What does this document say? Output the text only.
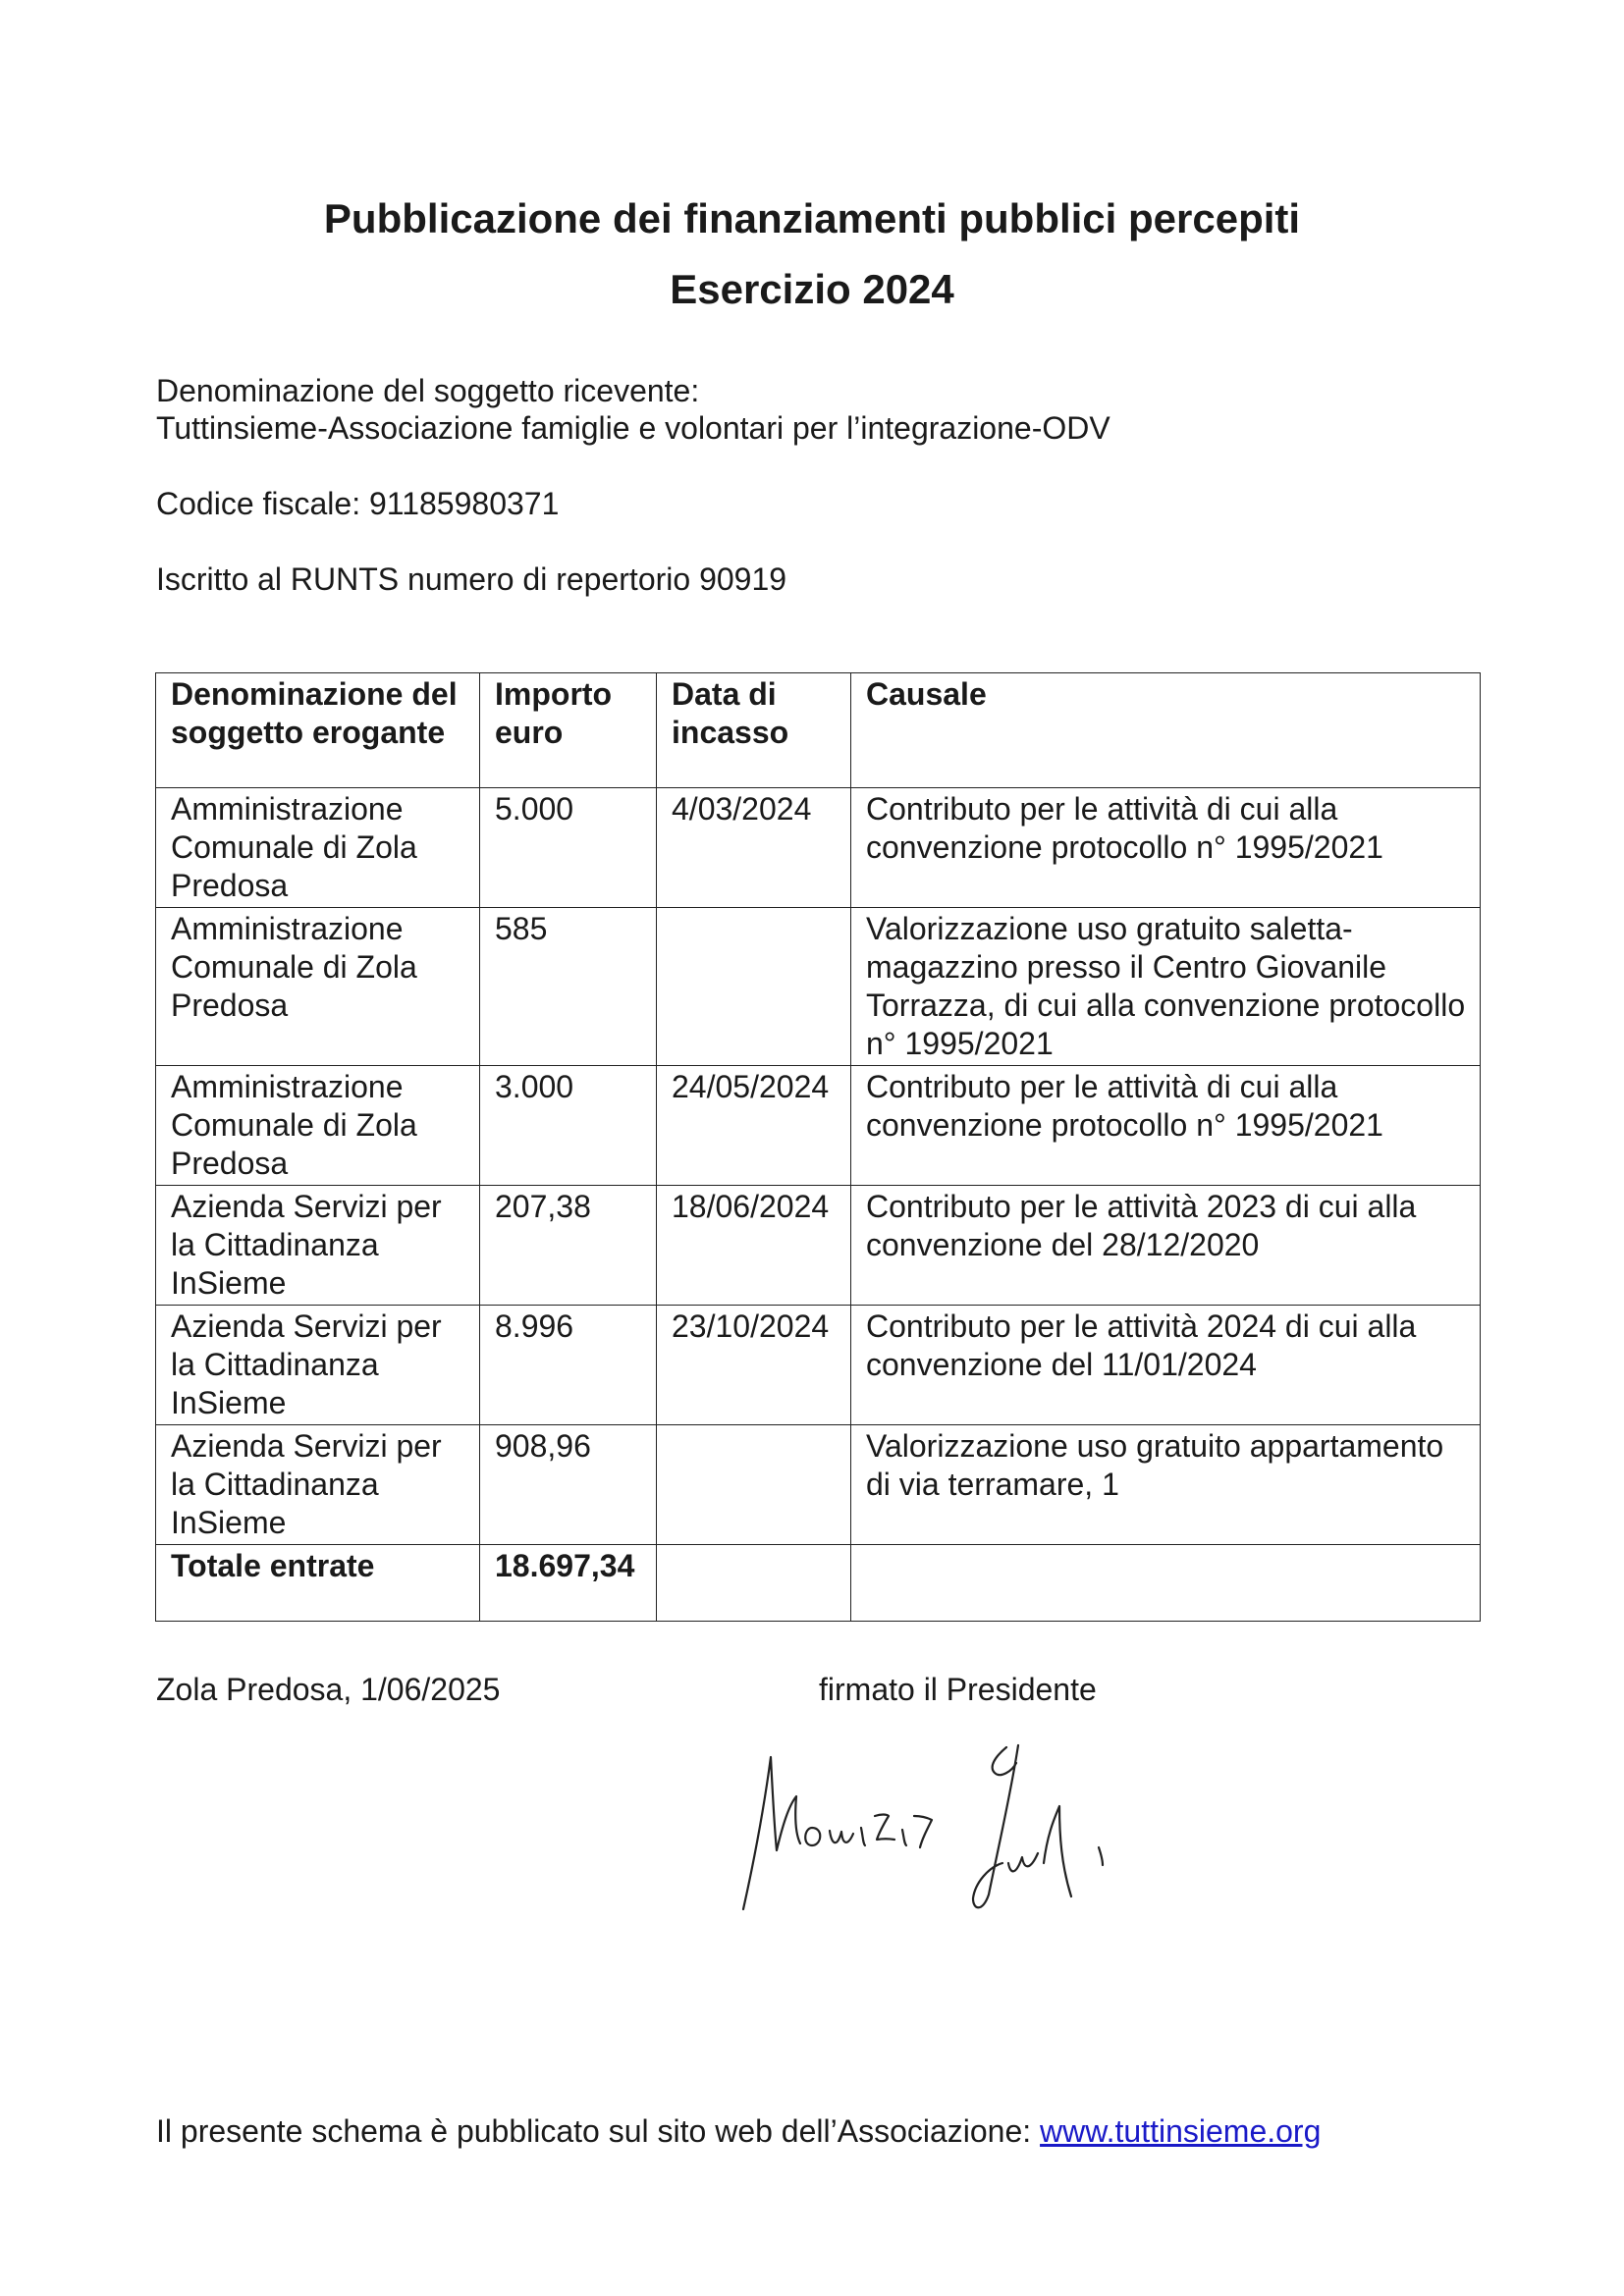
Pubblicazione dei finanziamenti pubblici percepiti
Esercizio 2024
Denominazione del soggetto ricevente:
Tuttinsieme-Associazione famiglie e volontari per l’integrazione-ODV
Codice fiscale: 91185980371
Iscritto al RUNTS numero di repertorio 90919
Denominazione del soggetto erogante	Importo euro	Data di incasso	Causale
Amministrazione Comunale di Zola Predosa	5.000	4/03/2024	Contributo per le attività di cui alla convenzione protocollo n° 1995/2021
Amministrazione Comunale di Zola Predosa	585		Valorizzazione uso gratuito saletta-magazzino presso il Centro Giovanile Torrazza, di cui alla convenzione protocollo n° 1995/2021
Amministrazione Comunale di Zola Predosa	3.000	24/05/2024	Contributo per le attività di cui alla convenzione protocollo n° 1995/2021
Azienda Servizi per la Cittadinanza InSieme	207,38	18/06/2024	Contributo per le attività 2023 di cui alla convenzione del 28/12/2020
Azienda Servizi per la Cittadinanza InSieme	8.996	23/10/2024	Contributo per le attività 2024 di cui alla convenzione del 11/01/2024
Azienda Servizi per la Cittadinanza InSieme	908,96		Valorizzazione uso gratuito appartamento di via terramare, 1
Totale entrate	18.697,34		
Zola Predosa, 1/06/2025	firmato il Presidente
Il presente schema è pubblicato sul sito web dell’Associazione: www.tuttinsieme.org
